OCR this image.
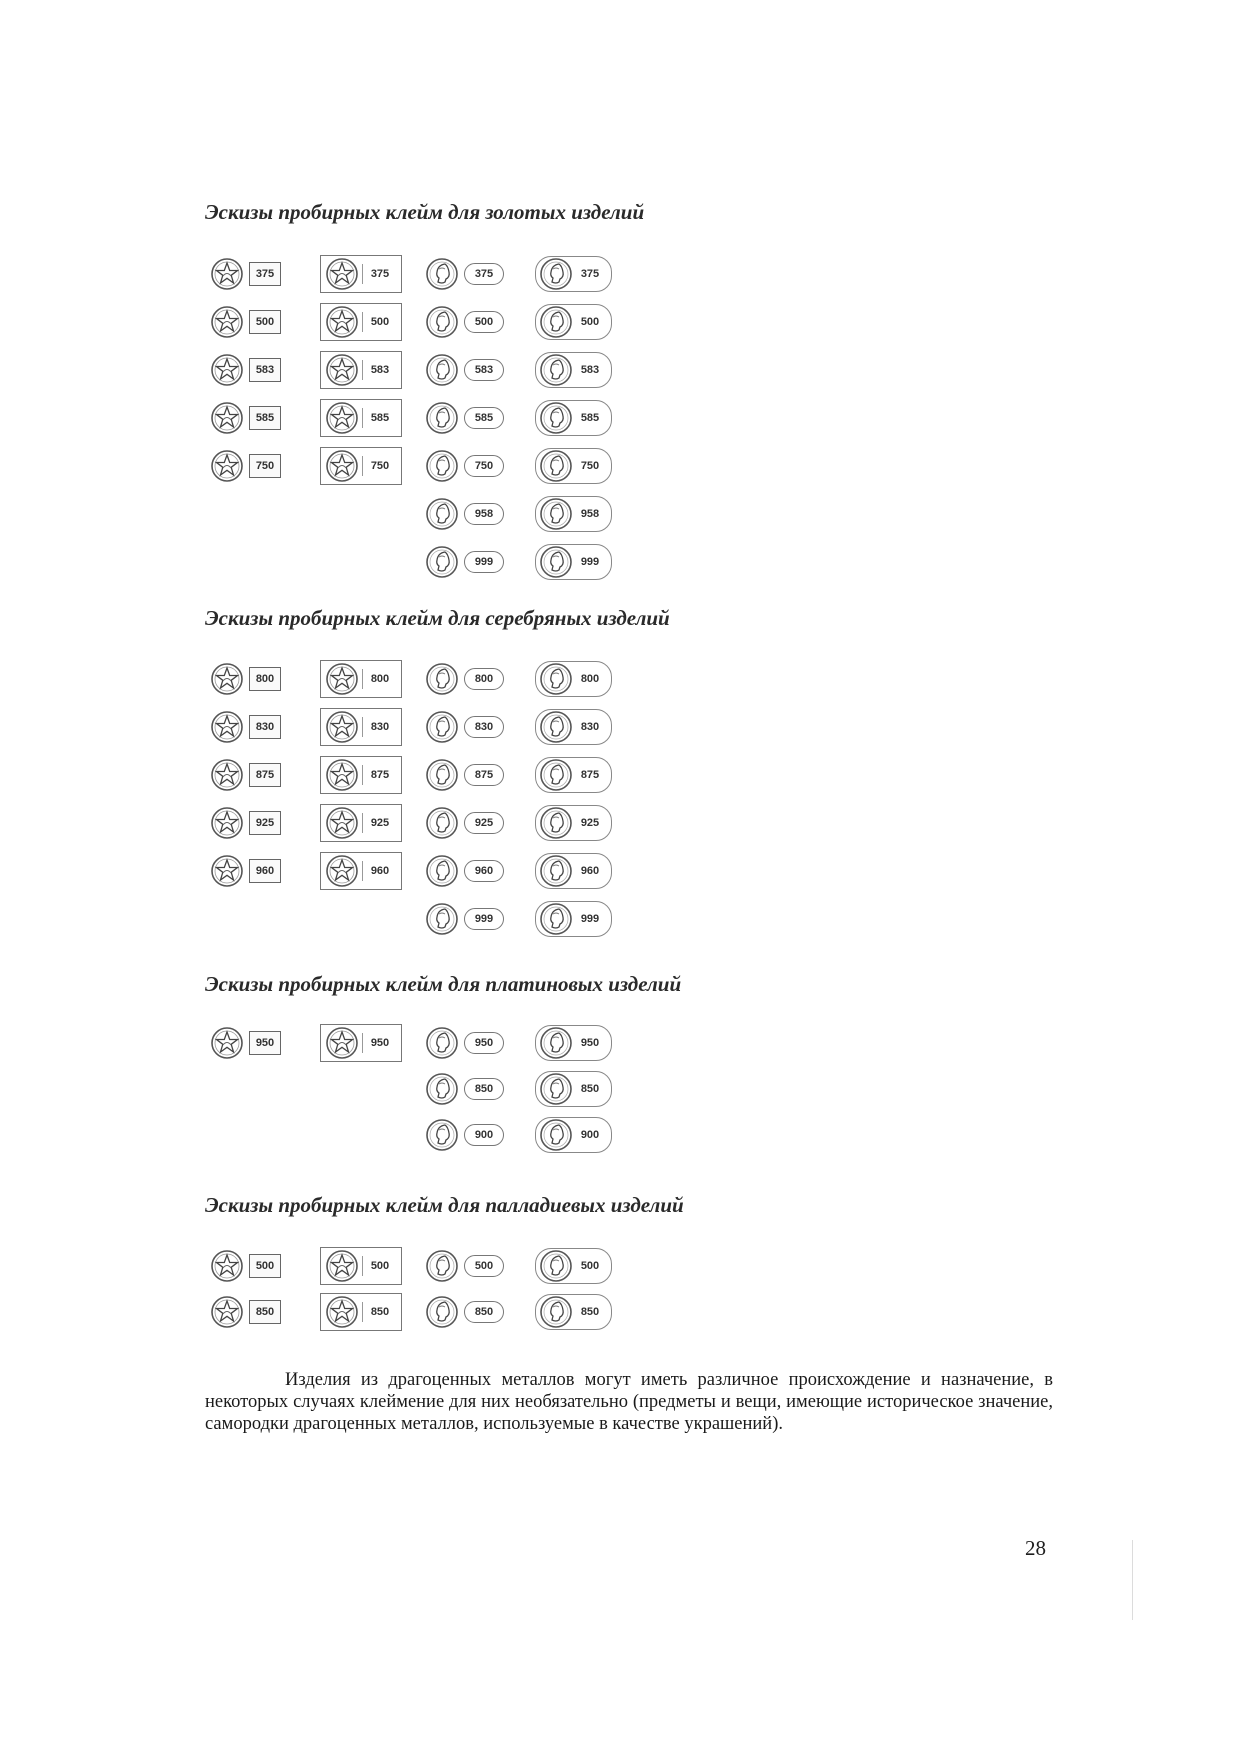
Эскизы пробирных клейм для золотых изделий
375
500
583
585
750
375
500
583
585
750
375
500
583
585
750
958
999
375
500
583
585
750
958
999
Эскизы пробирных клейм для серебряных изделий
800
830
875
925
960
800
830
875
925
960
800
830
875
925
960
999
800
830
875
925
960
999
Эскизы пробирных клейм для платиновых изделий
950	950	950
850
900
950
850
900
Эскизы пробирных клейм для палладиевых изделий
500
850
500
850
500
850
500
850

Изделия из драгоценных металлов могут иметь различное происхождение и назначение, в некоторых случаях клеймение для них необязательно (предметы и вещи, имеющие историческое значение, самородки драгоценных металлов, используемые в качестве украшений).

28
